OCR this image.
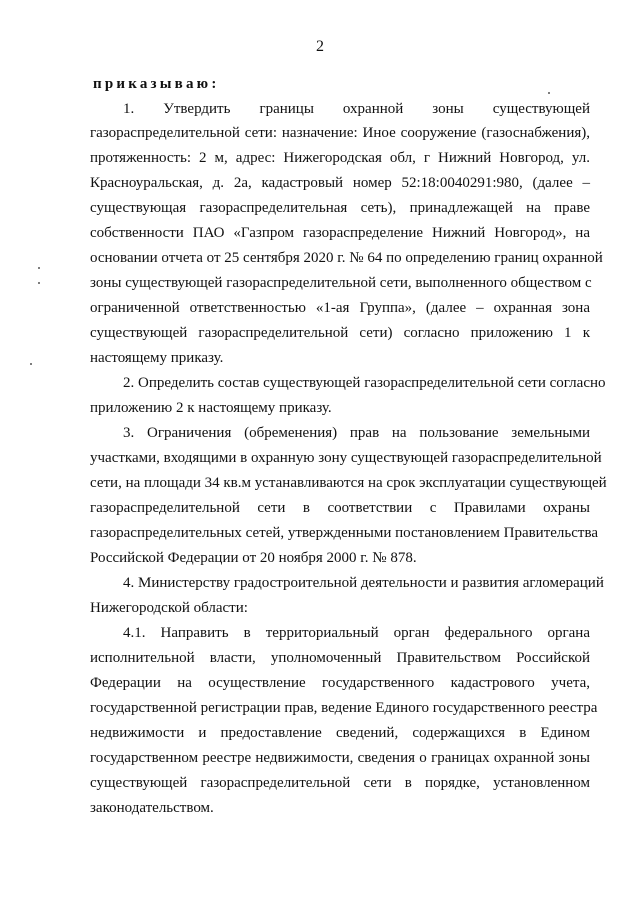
2
приказываю:
1. Утвердить границы охранной зоны существующей
газораспределительной сети: назначение: Иное сооружение (газоснабжения),
протяженность: 2 м, адрес: Нижегородская обл, г Нижний Новгород, ул.
Красноуральская, д. 2а, кадастровый номер 52:18:0040291:980, (далее –
существующая газораспределительная сеть), принадлежащей на праве
собственности ПАО «Газпром газораспределение Нижний Новгород», на
основании отчета от 25 сентября 2020 г. № 64 по определению границ охранной
зоны существующей газораспределительной сети, выполненного обществом с
ограниченной ответственностью «1-ая Группа», (далее – охранная зона
существующей газораспределительной сети) согласно приложению 1 к
настоящему приказу.
2. Определить состав существующей газораспределительной сети согласно
приложению 2 к настоящему приказу.
3. Ограничения (обременения) прав на пользование земельными
участками, входящими в охранную зону существующей газораспределительной
сети, на площади 34 кв.м устанавливаются на срок эксплуатации существующей
газораспределительной сети в соответствии с Правилами охраны
газораспределительных сетей, утвержденными постановлением Правительства
Российской Федерации от 20 ноября 2000 г. № 878.
4. Министерству градостроительной деятельности и развития агломераций
Нижегородской области:
4.1. Направить в территориальный орган федерального органа
исполнительной власти, уполномоченный Правительством Российской
Федерации на осуществление государственного кадастрового учета,
государственной регистрации прав, ведение Единого государственного реестра
недвижимости и предоставление сведений, содержащихся в Едином
государственном реестре недвижимости, сведения о границах охранной зоны
существующей газораспределительной сети в порядке, установленном
законодательством.
